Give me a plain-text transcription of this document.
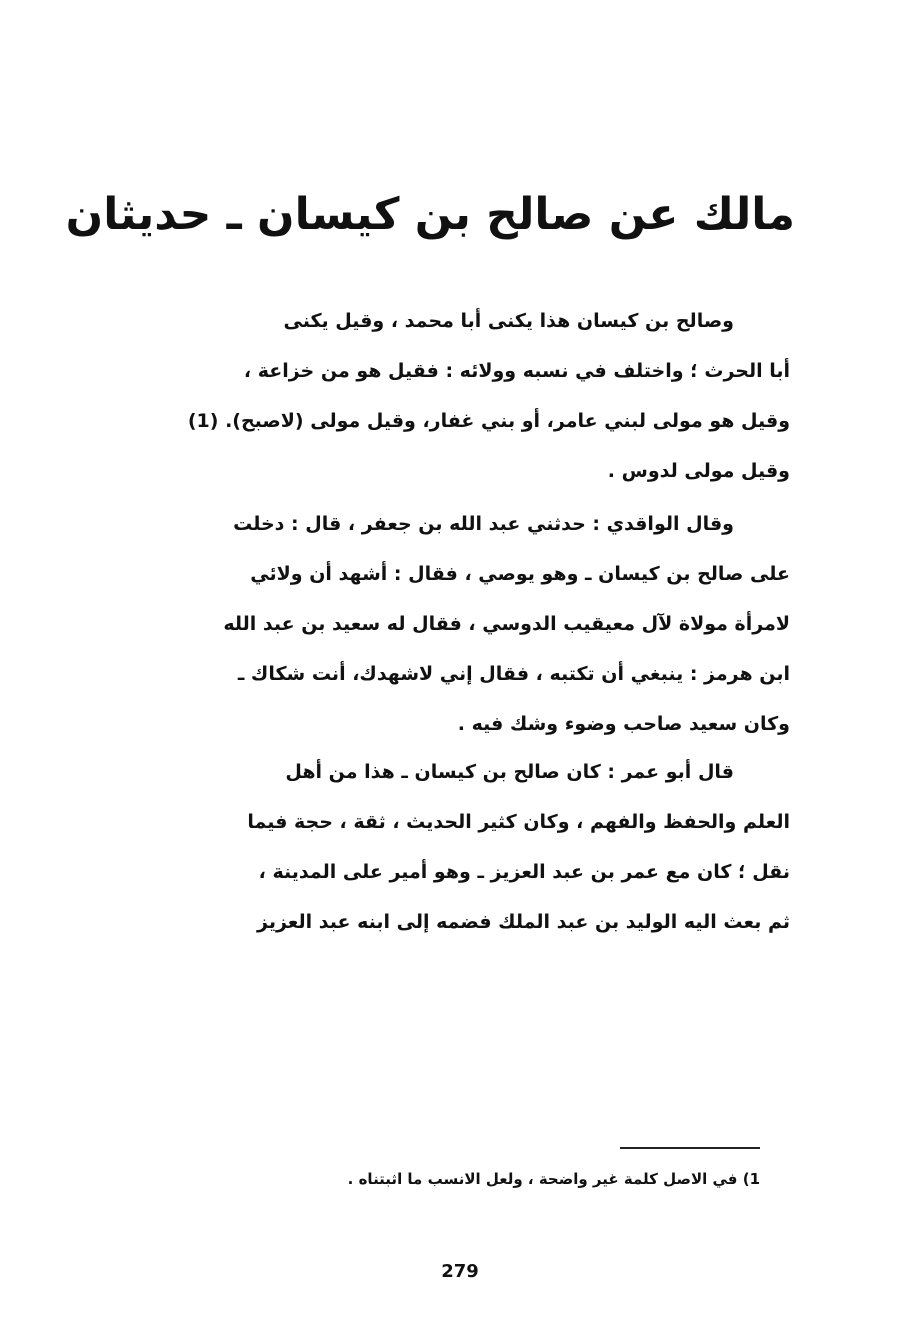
مالك عن صالح بن كيسان ـ حديثان

وصالح بن كيسان هذا يكنى أبا محمد ، وقيل يكنى
أبا الحرث ؛ واختلف في نسبه وولائه : فقيل هو من خزاعة ،
وقيل هو مولى لبني عامر، أو بني غفار، وقيل مولى (لاصبح). (1)
وقيل مولى لدوس .

وقال الواقدي : حدثني عبد الله بن جعفر ، قال : دخلت
على صالح بن كيسان ـ وهو يوصي ، فقال : أشهد أن ولائي
لامرأة مولاة لآل معيقيب الدوسي ، فقال له سعيد بن عبد الله
ابن هرمز : ينبغي أن تكتبه ، فقال إني لاشهدك، أنت شكاك ـ
وكان سعيد صاحب وضوء وشك فيه .

قال أبو عمر : كان صالح بن كيسان ـ هذا من أهل
العلم والحفظ والفهم ، وكان كثير الحديث ، ثقة ، حجة فيما
نقل ؛ كان مع عمر بن عبد العزيز ـ وهو أمير على المدينة ،
ثم بعث اليه الوليد بن عبد الملك فضمه إلى ابنه عبد العزيز

1) في الاصل كلمة غير واضحة ، ولعل الانسب ما اثبتناه .
279
